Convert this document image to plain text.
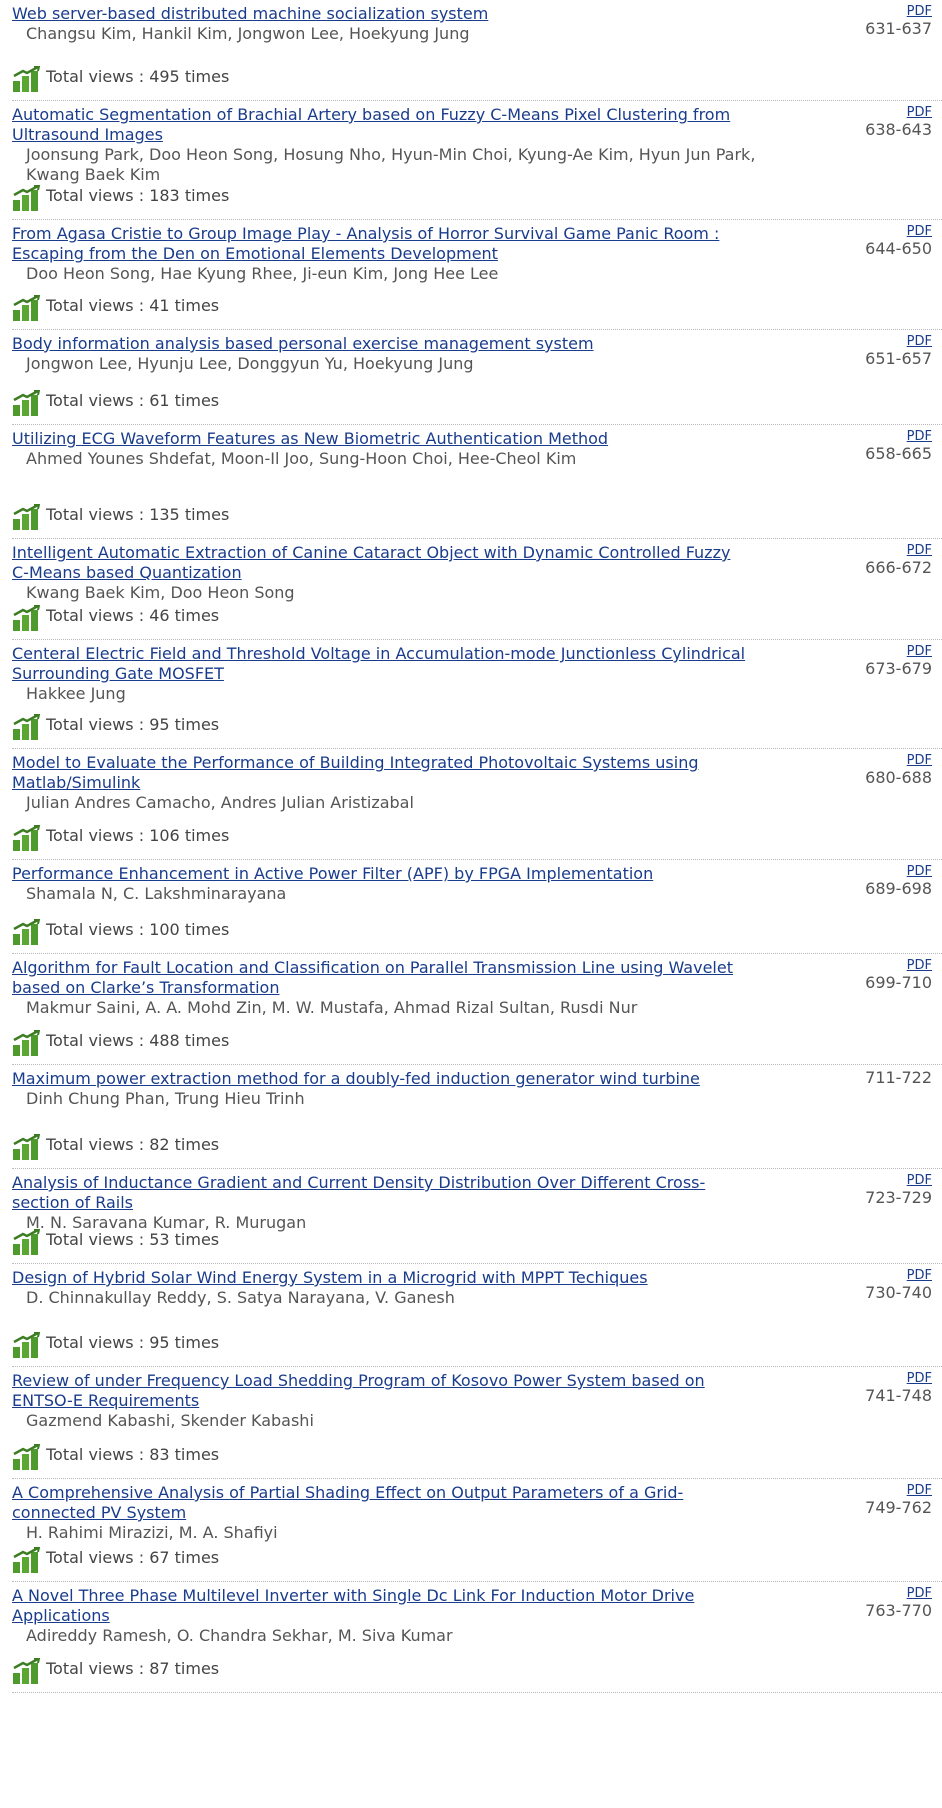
Web server-based distributed machine socialization system
Changsu Kim, Hankil Kim, Jongwon Lee, Hoekyung Jung
Total views : 495 times
PDF
631-637
Automatic Segmentation of Brachial Artery based on Fuzzy C-Means Pixel Clustering from Ultrasound Images
Joonsung Park, Doo Heon Song, Hosung Nho, Hyun-Min Choi, Kyung-Ae Kim, Hyun Jun Park, Kwang Baek Kim
Total views : 183 times
PDF
638-643
From Agasa Cristie to Group Image Play - Analysis of Horror Survival Game Panic Room : Escaping from the Den on Emotional Elements Development
Doo Heon Song, Hae Kyung Rhee, Ji-eun Kim, Jong Hee Lee
Total views : 41 times
PDF
644-650
Body information analysis based personal exercise management system
Jongwon Lee, Hyunju Lee, Donggyun Yu, Hoekyung Jung
Total views : 61 times
PDF
651-657
Utilizing ECG Waveform Features as New Biometric Authentication Method
Ahmed Younes Shdefat, Moon-Il Joo, Sung-Hoon Choi, Hee-Cheol Kim
Total views : 135 times
PDF
658-665
Intelligent Automatic Extraction of Canine Cataract Object with Dynamic Controlled Fuzzy C-Means based Quantization
Kwang Baek Kim, Doo Heon Song
Total views : 46 times
PDF
666-672
Centeral Electric Field and Threshold Voltage in Accumulation-mode Junctionless Cylindrical Surrounding Gate MOSFET
Hakkee Jung
Total views : 95 times
PDF
673-679
Model to Evaluate the Performance of Building Integrated Photovoltaic Systems using Matlab/Simulink
Julian Andres Camacho, Andres Julian Aristizabal
Total views : 106 times
PDF
680-688
Performance Enhancement in Active Power Filter (APF) by FPGA Implementation
Shamala N, C. Lakshminarayana
Total views : 100 times
PDF
689-698
Algorithm for Fault Location and Classification on Parallel Transmission Line using Wavelet based on Clarke’s Transformation
Makmur Saini, A. A. Mohd Zin, M. W. Mustafa, Ahmad Rizal Sultan, Rusdi Nur
Total views : 488 times
PDF
699-710
Maximum power extraction method for a doubly-fed induction generator wind turbine
Dinh Chung Phan, Trung Hieu Trinh
Total views : 82 times
711-722
Analysis of Inductance Gradient and Current Density Distribution Over Different Cross-section of Rails
M. N. Saravana Kumar, R. Murugan
Total views : 53 times
PDF
723-729
Design of Hybrid Solar Wind Energy System in a Microgrid with MPPT Techiques
D. Chinnakullay Reddy, S. Satya Narayana, V. Ganesh
Total views : 95 times
PDF
730-740
Review of under Frequency Load Shedding Program of Kosovo Power System based on ENTSO-E Requirements
Gazmend Kabashi, Skender Kabashi
Total views : 83 times
PDF
741-748
A Comprehensive Analysis of Partial Shading Effect on Output Parameters of a Grid-connected PV System
H. Rahimi Mirazizi, M. A. Shafiyi
Total views : 67 times
PDF
749-762
A Novel Three Phase Multilevel Inverter with Single Dc Link For Induction Motor Drive Applications
Adireddy Ramesh, O. Chandra Sekhar, M. Siva Kumar
Total views : 87 times
PDF
763-770
